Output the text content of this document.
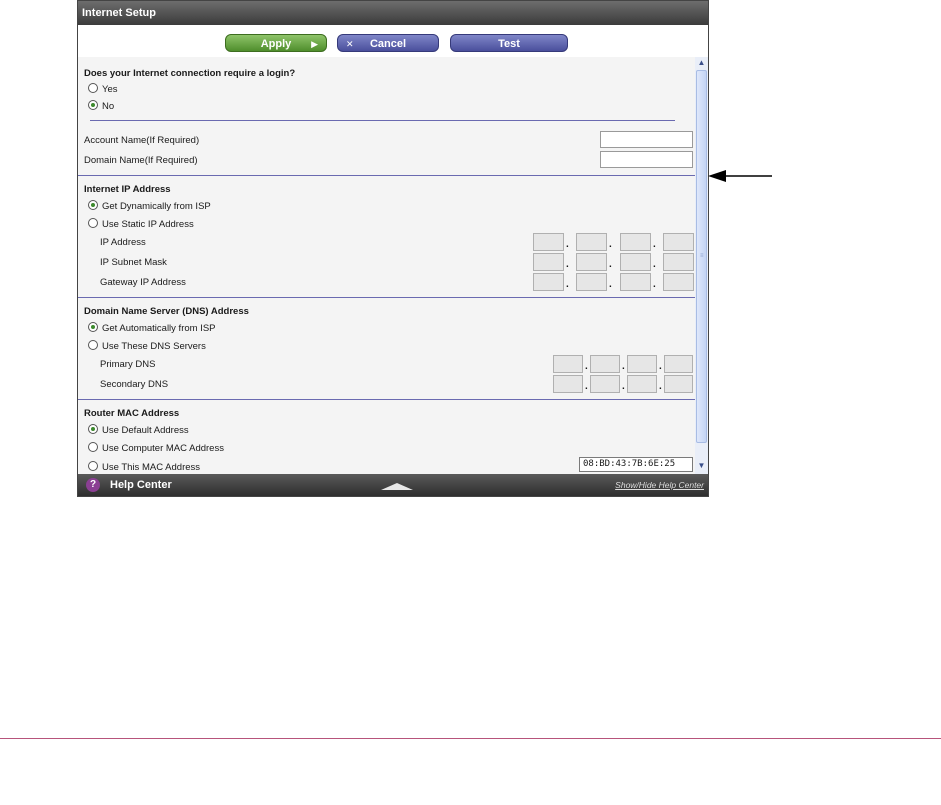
Internet Setup
Apply ▶	✕ Cancel	Test
Does your Internet connection require a login?
Yes
No
Account Name(If Required)
Domain Name(If Required)
Internet IP Address
Get Dynamically from ISP
Use Static IP Address
IP Address	.	.	.
IP Subnet Mask	.	.	.
Gateway IP Address	.	.	.
Domain Name Server (DNS) Address
Get Automatically from ISP
Use These DNS Servers
Primary DNS	.	.	.
Secondary DNS	.	.	.
Router MAC Address
Use Default Address
Use Computer MAC Address
Use This MAC Address	08:BD:43:7B:6E:25
▲
≡
▼
?	Help Center	Show/Hide Help Center
